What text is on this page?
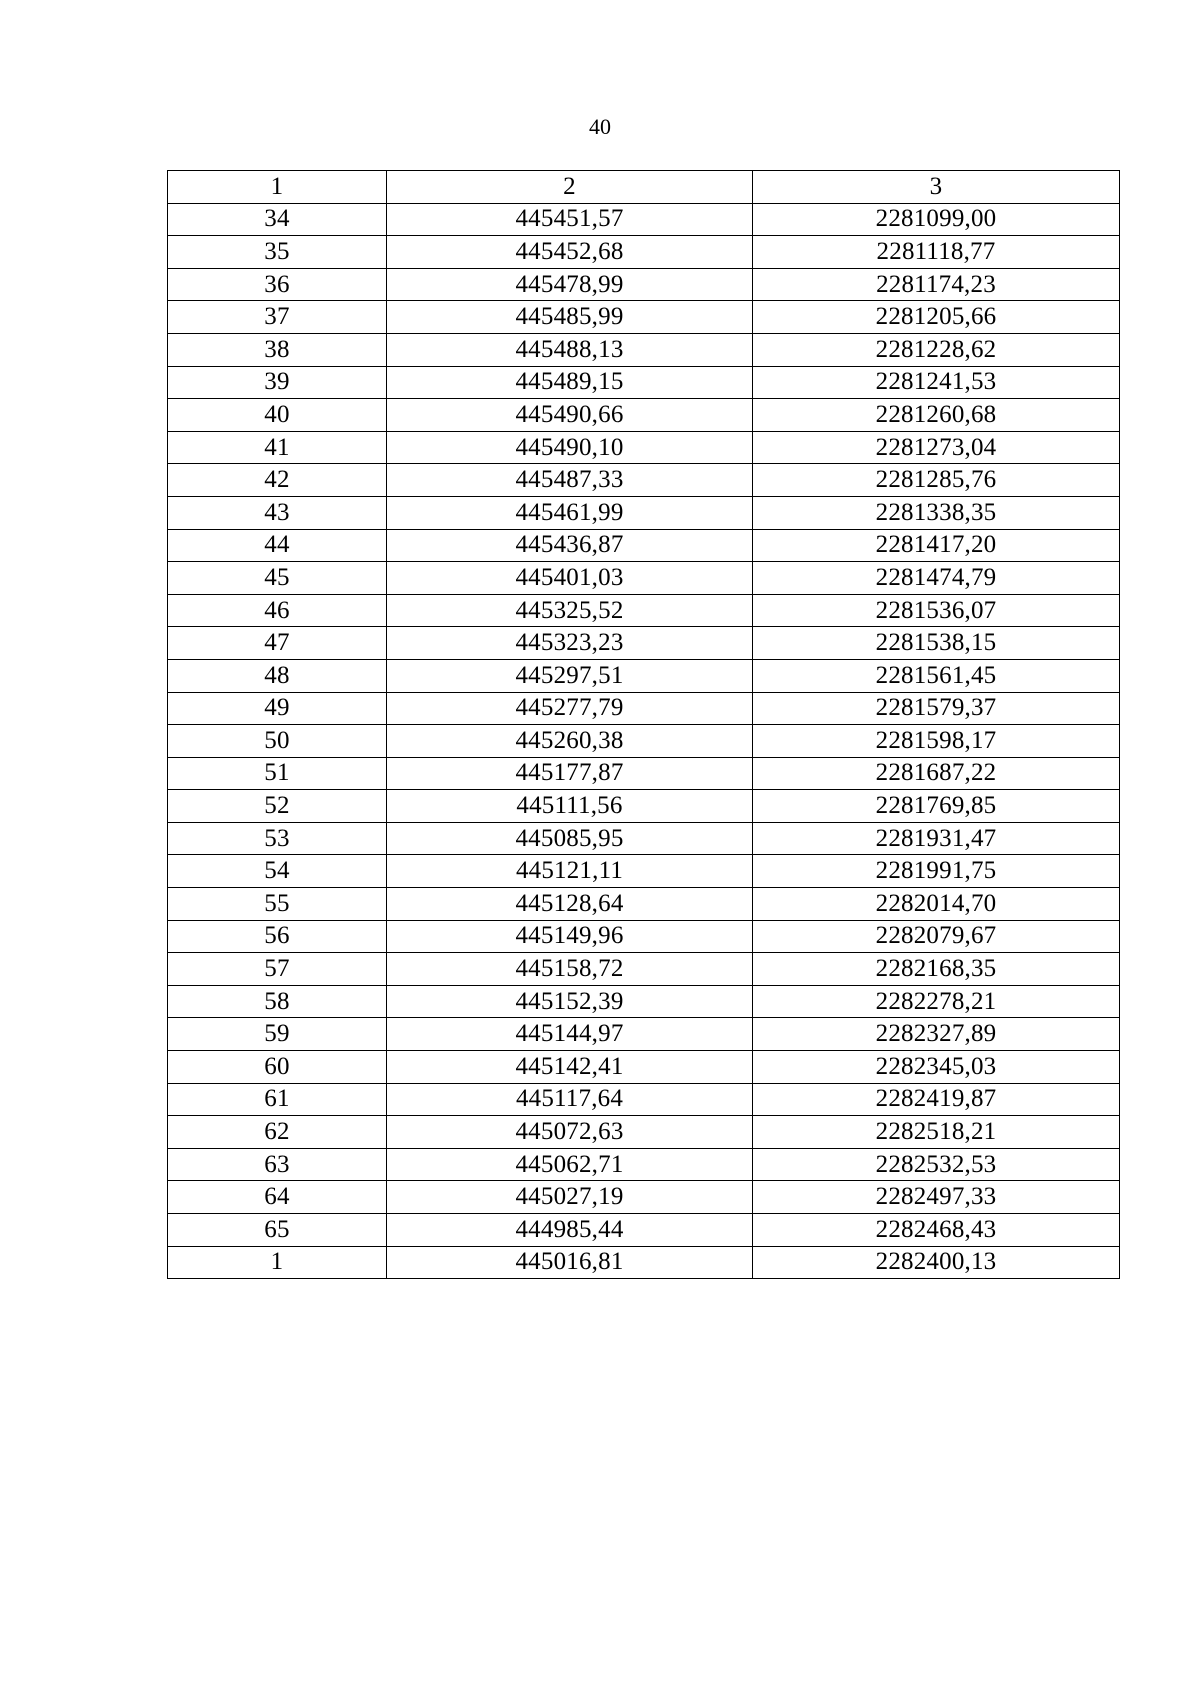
40
1	2	3
34	445451,57	2281099,00
35	445452,68	2281118,77
36	445478,99	2281174,23
37	445485,99	2281205,66
38	445488,13	2281228,62
39	445489,15	2281241,53
40	445490,66	2281260,68
41	445490,10	2281273,04
42	445487,33	2281285,76
43	445461,99	2281338,35
44	445436,87	2281417,20
45	445401,03	2281474,79
46	445325,52	2281536,07
47	445323,23	2281538,15
48	445297,51	2281561,45
49	445277,79	2281579,37
50	445260,38	2281598,17
51	445177,87	2281687,22
52	445111,56	2281769,85
53	445085,95	2281931,47
54	445121,11	2281991,75
55	445128,64	2282014,70
56	445149,96	2282079,67
57	445158,72	2282168,35
58	445152,39	2282278,21
59	445144,97	2282327,89
60	445142,41	2282345,03
61	445117,64	2282419,87
62	445072,63	2282518,21
63	445062,71	2282532,53
64	445027,19	2282497,33
65	444985,44	2282468,43
1	445016,81	2282400,13
